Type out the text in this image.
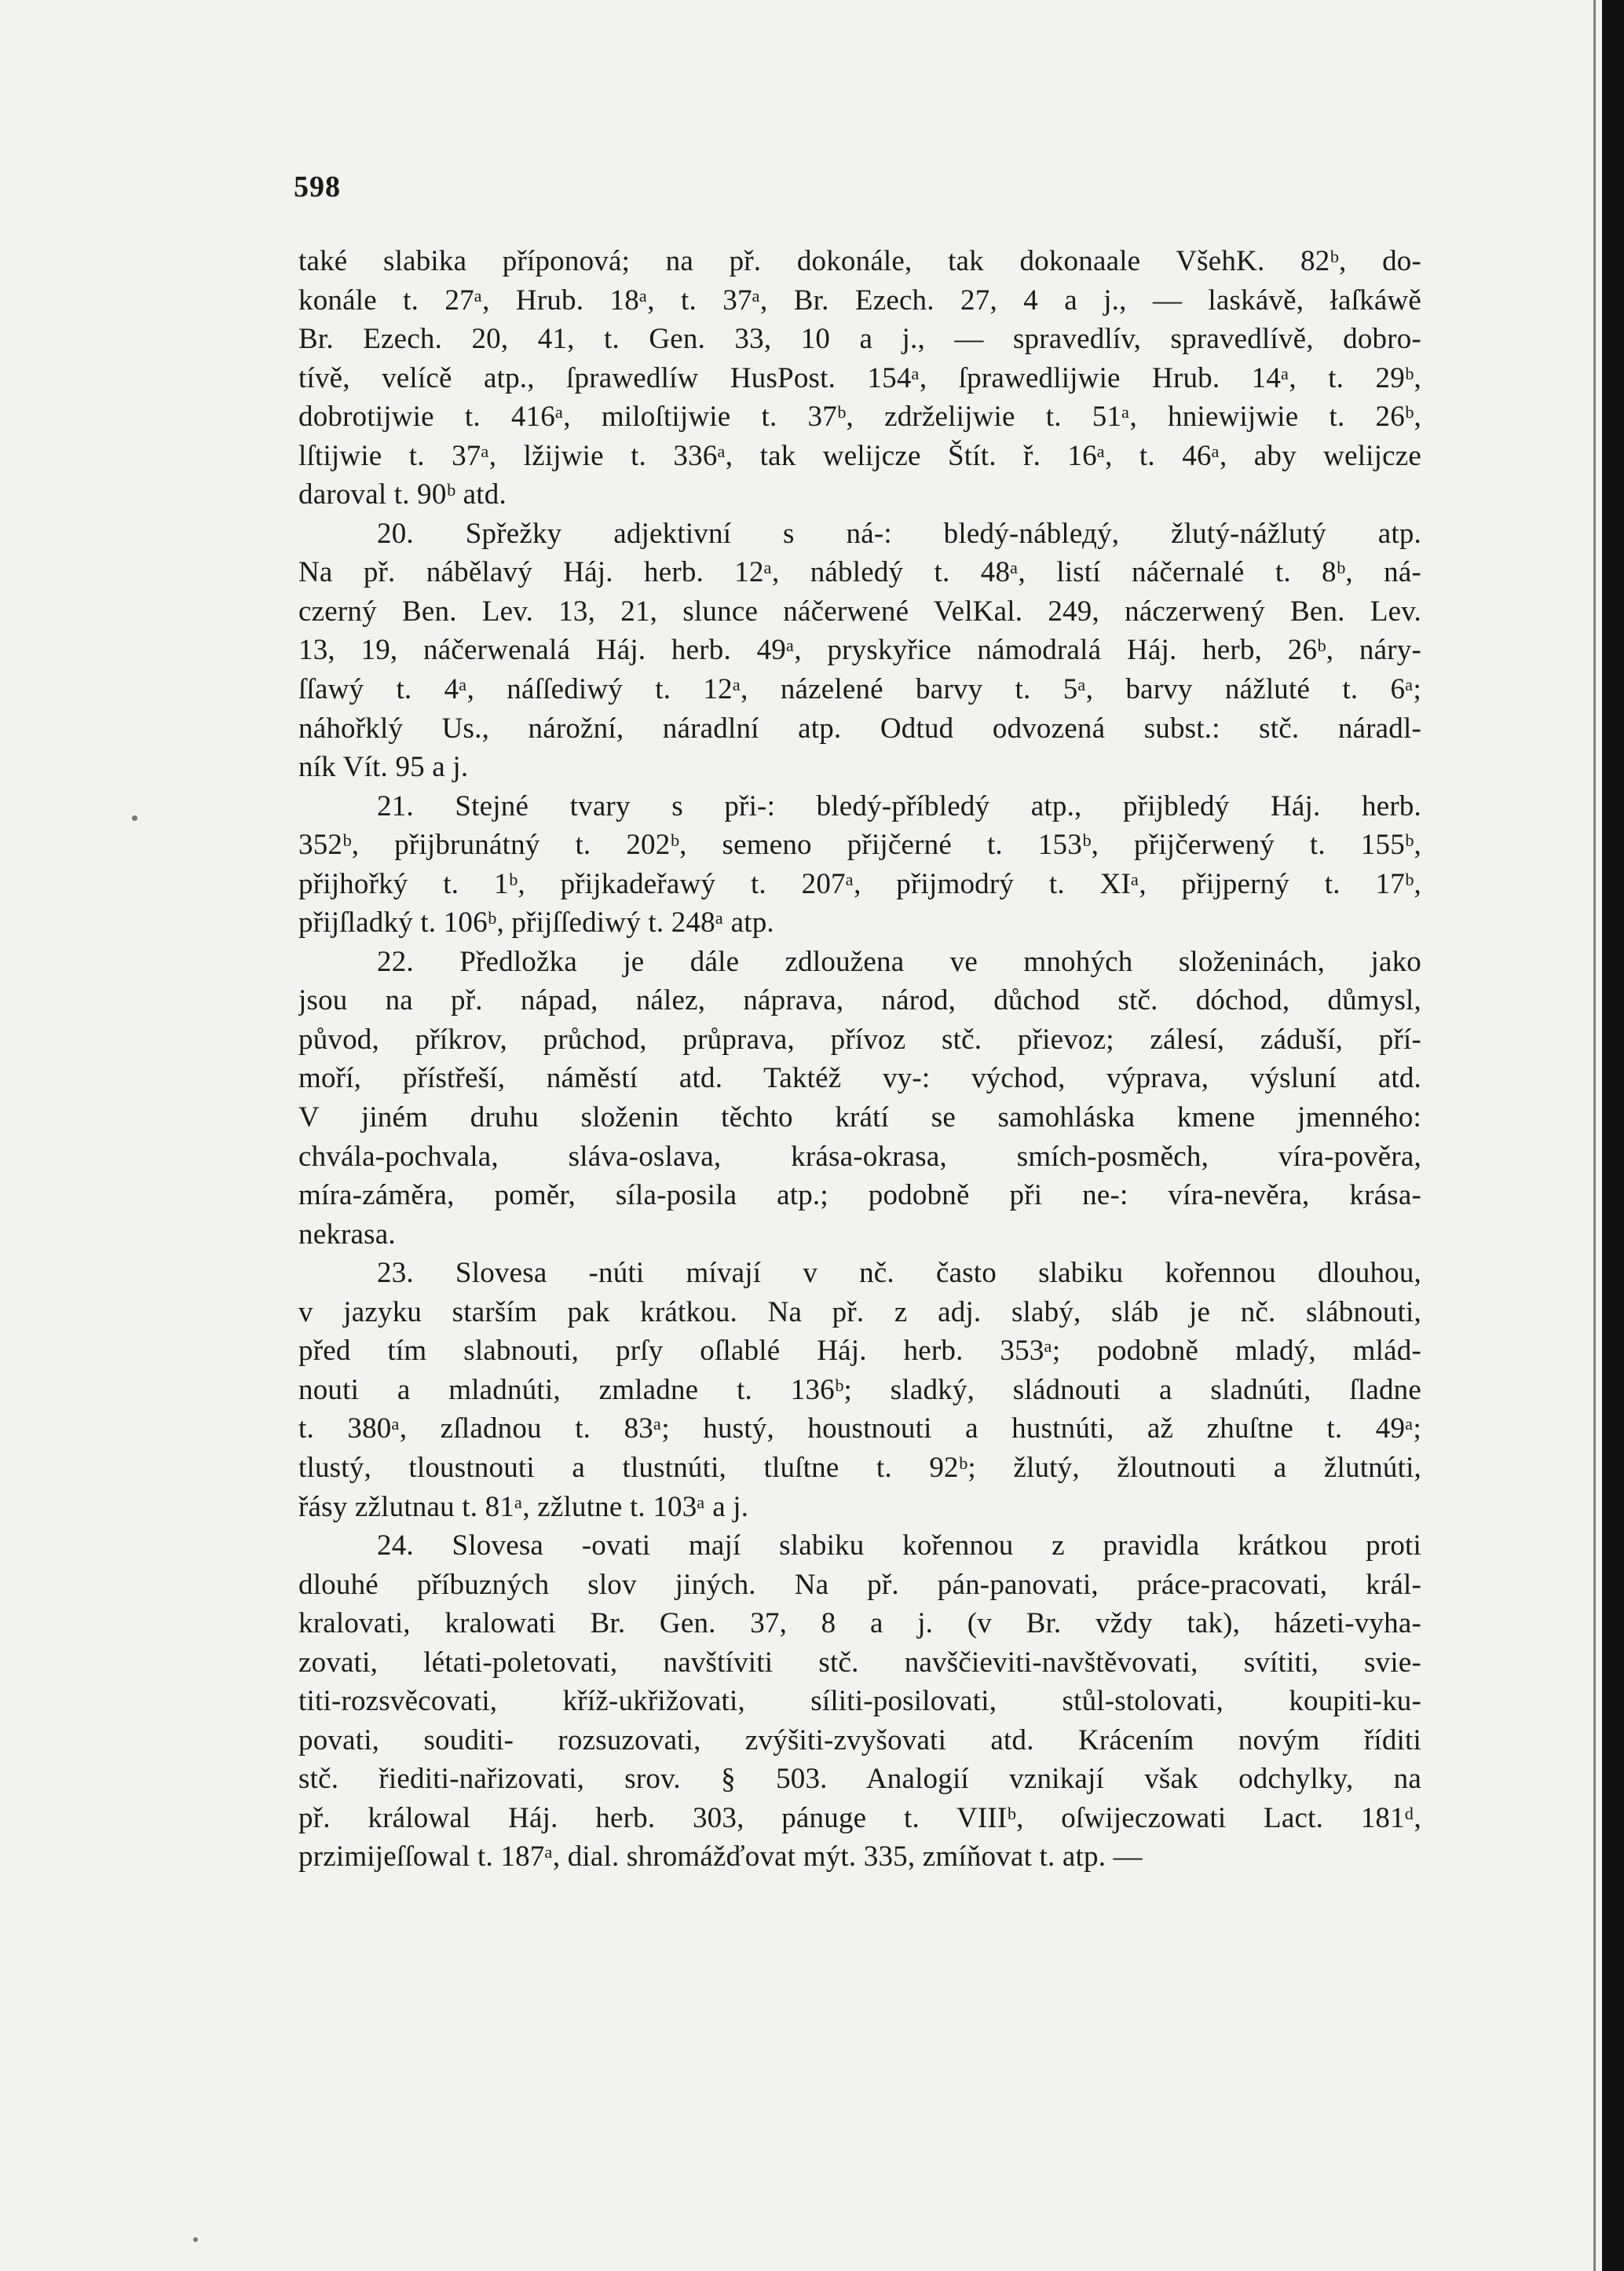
598
také slabika příponová; na př. dokonále, tak dokonaale VšehK. 82ᵇ, do-
konále t. 27ᵃ, Hrub. 18ᵃ, t. 37ᵃ, Br. Ezech. 27, 4 a j., — laskávě, łaſkáwě
Br. Ezech. 20, 41, t. Gen. 33, 10 a j., — spravedlív, spravedlívě, dobro-
tívě, velícě atp., ſprawedlíw HusPost. 154ᵃ, ſprawedlijwie Hrub. 14ᵃ, t. 29ᵇ,
dobrotijwie t. 416ᵃ, miloſtijwie t. 37ᵇ, zdrželijwie t. 51ᵃ, hniewijwie t. 26ᵇ,
lſtijwie t. 37ᵃ, lžijwie t. 336ᵃ, tak welijcze Štít. ř. 16ᵃ, t. 46ᵃ, aby welijcze
daroval t. 90ᵇ atd.
20. Spřežky adjektivní s ná-: bledý-náblедý, žlutý-nážlutý atp.
Na př. nábělavý Háj. herb. 12ᵃ, nábledý t. 48ᵃ, listí náčernalé t. 8ᵇ, ná-
czerný Ben. Lev. 13, 21, slunce náčerwené VelKal. 249, náczerwený Ben. Lev.
13, 19, náčerwenalá Háj. herb. 49ᵃ, pryskyřice námodralá Háj. herb, 26ᵇ, náry-
ſſawý t. 4ᵃ, náſſediwý t. 12ᵃ, názelené barvy t. 5ᵃ, barvy nážluté t. 6ᵃ;
náhořklý Us., nárožní, náradlní atp. Odtud odvozená subst.: stč. náradl-
ník Vít. 95 a j.
21. Stejné tvary s při-: bledý-příbledý atp., přijbledý Háj. herb.
352ᵇ, přijbrunátný t. 202ᵇ, semeno přijčerné t. 153ᵇ, přijčerwený t. 155ᵇ,
přijhořký t. 1ᵇ, přijkadeřawý t. 207ᵃ, přijmodrý t. XIᵃ, přijperný t. 17ᵇ,
přijſladký t. 106ᵇ, přijſſediwý t. 248ᵃ atp.
22. Předložka je dále zdloužena ve mnohých složeninách, jako
jsou na př. nápad, nález, náprava, národ, důchod stč. dóchod, důmysl,
původ, příkrov, průchod, průprava, přívoz stč. přievoz; zálesí, záduší, pří-
moří, přístřeší, náměstí atd. Taktéž vy-: východ, výprava, výsluní atd.
V jiném druhu složenin těchto krátí se samohláska kmene jmenného:
chvála-pochvala, sláva-oslava, krása-okrasa, smích-posměch, víra-pověra,
míra-záměra, poměr, síla-posila atp.; podobně při ne-: víra-nevěra, krása-
nekrasa.
23. Slovesa -núti mívají v nč. často slabiku kořennou dlouhou,
v jazyku starším pak krátkou. Na př. z adj. slabý, sláb je nč. slábnouti,
před tím slabnouti, prſy oſlablé Háj. herb. 353ᵃ; podobně mladý, mlád-
nouti a mladnúti, zmladne t. 136ᵇ; sladký, sládnouti a sladnúti, ſladne
t. 380ᵃ, zſladnou t. 83ᵃ; hustý, houstnouti a hustnúti, až zhuſtne t. 49ᵃ;
tlustý, tloustnouti a tlustnúti, tluſtne t. 92ᵇ; žlutý, žloutnouti a žlutnúti,
řásy zžlutnau t. 81ᵃ, zžlutne t. 103ᵃ a j.
24. Slovesa -ovati mají slabiku kořennou z pravidla krátkou proti
dlouhé příbuzných slov jiných. Na př. pán-panovati, práce-pracovati, král-
kralovati, kralowati Br. Gen. 37, 8 a j. (v Br. vždy tak), házeti-vyha-
zovati, létati-poletovati, navštíviti stč. navščieviti-navštěvovati, svítiti, svie-
titi-rozsvěcovati, kříž-ukřižovati, síliti-posilovati, stůl-stolovati, koupiti-ku-
povati, souditi- rozsuzovati, zvýšiti-zvyšovati atd. Krácením novým říditi
stč. řiediti-nařizovati, srov. § 503. Analogií vznikají však odchylky, na
př. králowal Háj. herb. 303, pánuge t. VIIIᵇ, oſwijeczowati Lact. 181ᵈ,
przimijeſſowal t. 187ᵃ, dial. shromážďovat mýt. 335, zmíňovat t. atp. —
